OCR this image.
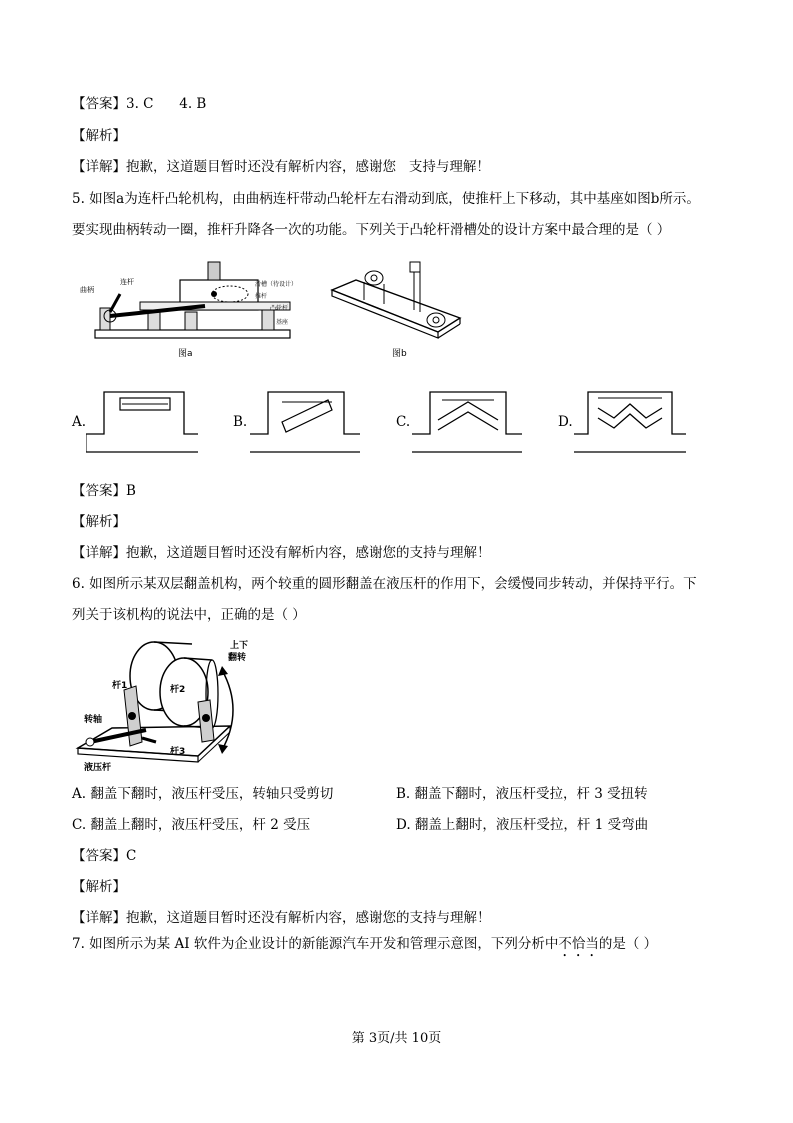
【答案】3. C      4. B
【解析】
【详解】抱歉，这道题目暂时还没有解析内容，感谢您   支持与理解！
5. 如图a为连杆凸轮机构，由曲柄连杆带动凸轮杆左右滑动到底，使推杆上下移动，其中基座如图b所示。
要实现曲柄转动一圈，推杆升降各一次的功能。下列关于凸轮杆滑槽处的设计方案中最合理的是（ ）
曲柄
连杆	滑槽（待设计）
推杆
凸轮杆
基座
图a	图b
A.	B.	C.	D.
【答案】B
【解析】
【详解】抱歉，这道题目暂时还没有解析内容，感谢您的支持与理解！
6. 如图所示某双层翻盖机构，两个较重的圆形翻盖在液压杆的作用下，会缓慢同步转动，并保持平行。下
列关于该机构的说法中，正确的是（ ）
杆1	杆2
杆3
转轴
液压杆
上下
翻转
A. 翻盖下翻时，液压杆受压，转轴只受剪切	B. 翻盖下翻时，液压杆受拉，杆 3 受扭转
C. 翻盖上翻时，液压杆受压，杆 2 受压	D. 翻盖上翻时，液压杆受拉，杆 1 受弯曲
【答案】C
【解析】
【详解】抱歉，这道题目暂时还没有解析内容，感谢您的支持与理解！
7. 如图所示为某 AI 软件为企业设计的新能源汽车开发和管理示意图，下列分析中不恰当的是（ ）
第 3页/共 10页
